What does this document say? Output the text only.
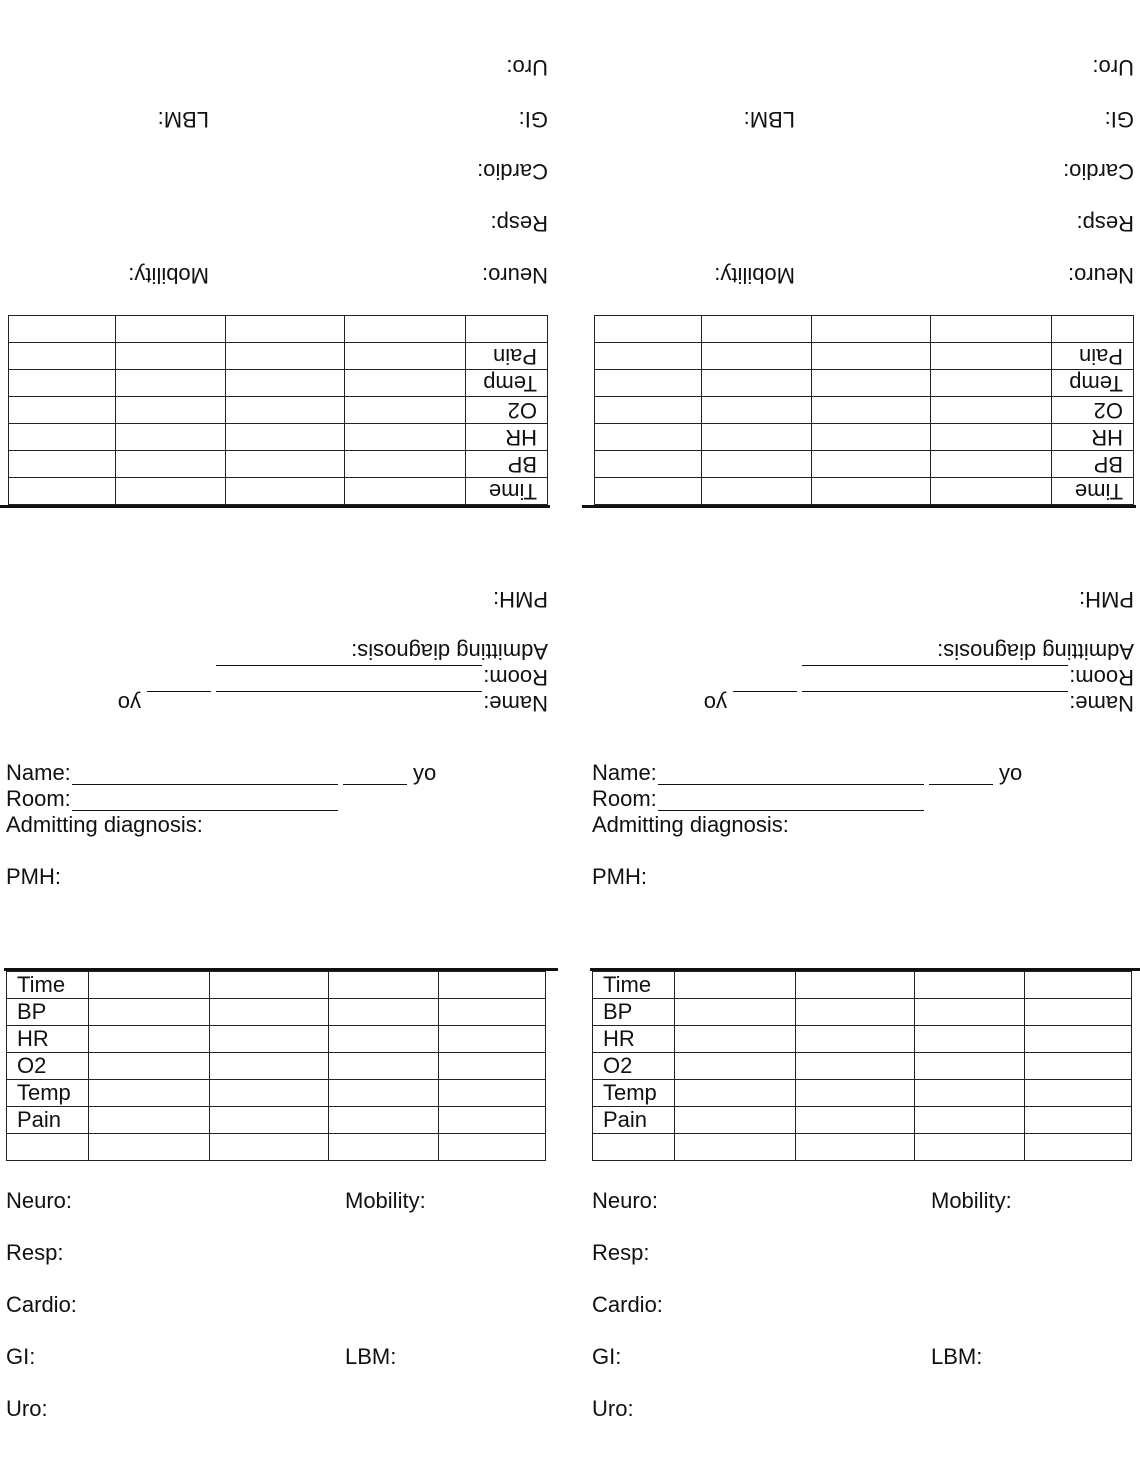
Name:
yo
Room:
Admitting diagnosis:
PMH:
Time				
BP				
HR				
O2				
Temp				
Pain				

Neuro:
Mobility:
Resp:
Cardio:
GI:
LBM:
Uro:
Name:
yo
Room:
Admitting diagnosis:
PMH:
Time				
BP				
HR				
O2				
Temp				
Pain				

Neuro:
Mobility:
Resp:
Cardio:
GI:
LBM:
Uro:
Name:	yo
Room:
Admitting diagnosis:
PMH:
Time				
BP				
HR				
O2				
Temp				
Pain				

Neuro:	Mobility:
Resp:
Cardio:
GI:	LBM:
Uro:
Name:	yo
Room:
Admitting diagnosis:
PMH:
Time				
BP				
HR				
O2				
Temp				
Pain				

Neuro:	Mobility:
Resp:
Cardio:
GI:	LBM:
Uro:
